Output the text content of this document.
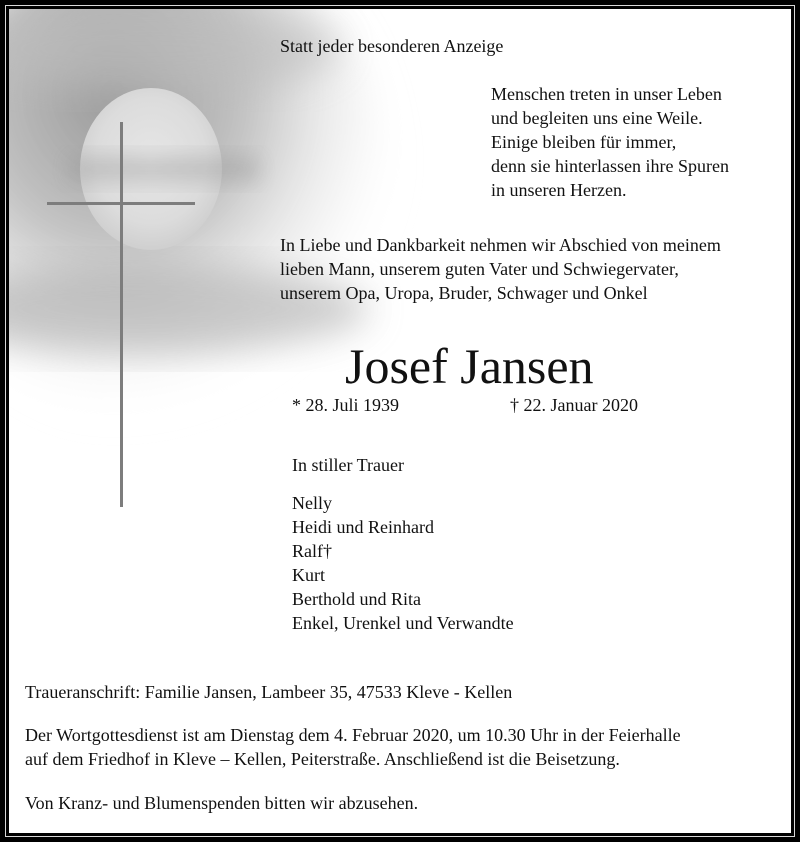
Statt jeder besonderen Anzeige
Menschen treten in unser Leben
und begleiten uns eine Weile.
Einige bleiben für immer,
denn sie hinterlassen ihre Spuren
in unseren Herzen.
In Liebe und Dankbarkeit nehmen wir Abschied von meinem
lieben Mann, unserem guten Vater und Schwiegervater,
unserem Opa, Uropa, Bruder, Schwager und Onkel
Josef Jansen
* 28. Juli 1939	† 22. Januar 2020
In stiller Trauer
Nelly
Heidi und Reinhard
Ralf†
Kurt
Berthold und Rita
Enkel, Urenkel und Verwandte
Traueranschrift: Familie Jansen, Lambeer 35, 47533 Kleve - Kellen
Der Wortgottesdienst ist am Dienstag dem 4. Februar 2020, um 10.30 Uhr in der Feierhalle
auf dem Friedhof in Kleve – Kellen, Peiterstraße. Anschließend ist die Beisetzung.
Von Kranz- und Blumenspenden bitten wir abzusehen.
